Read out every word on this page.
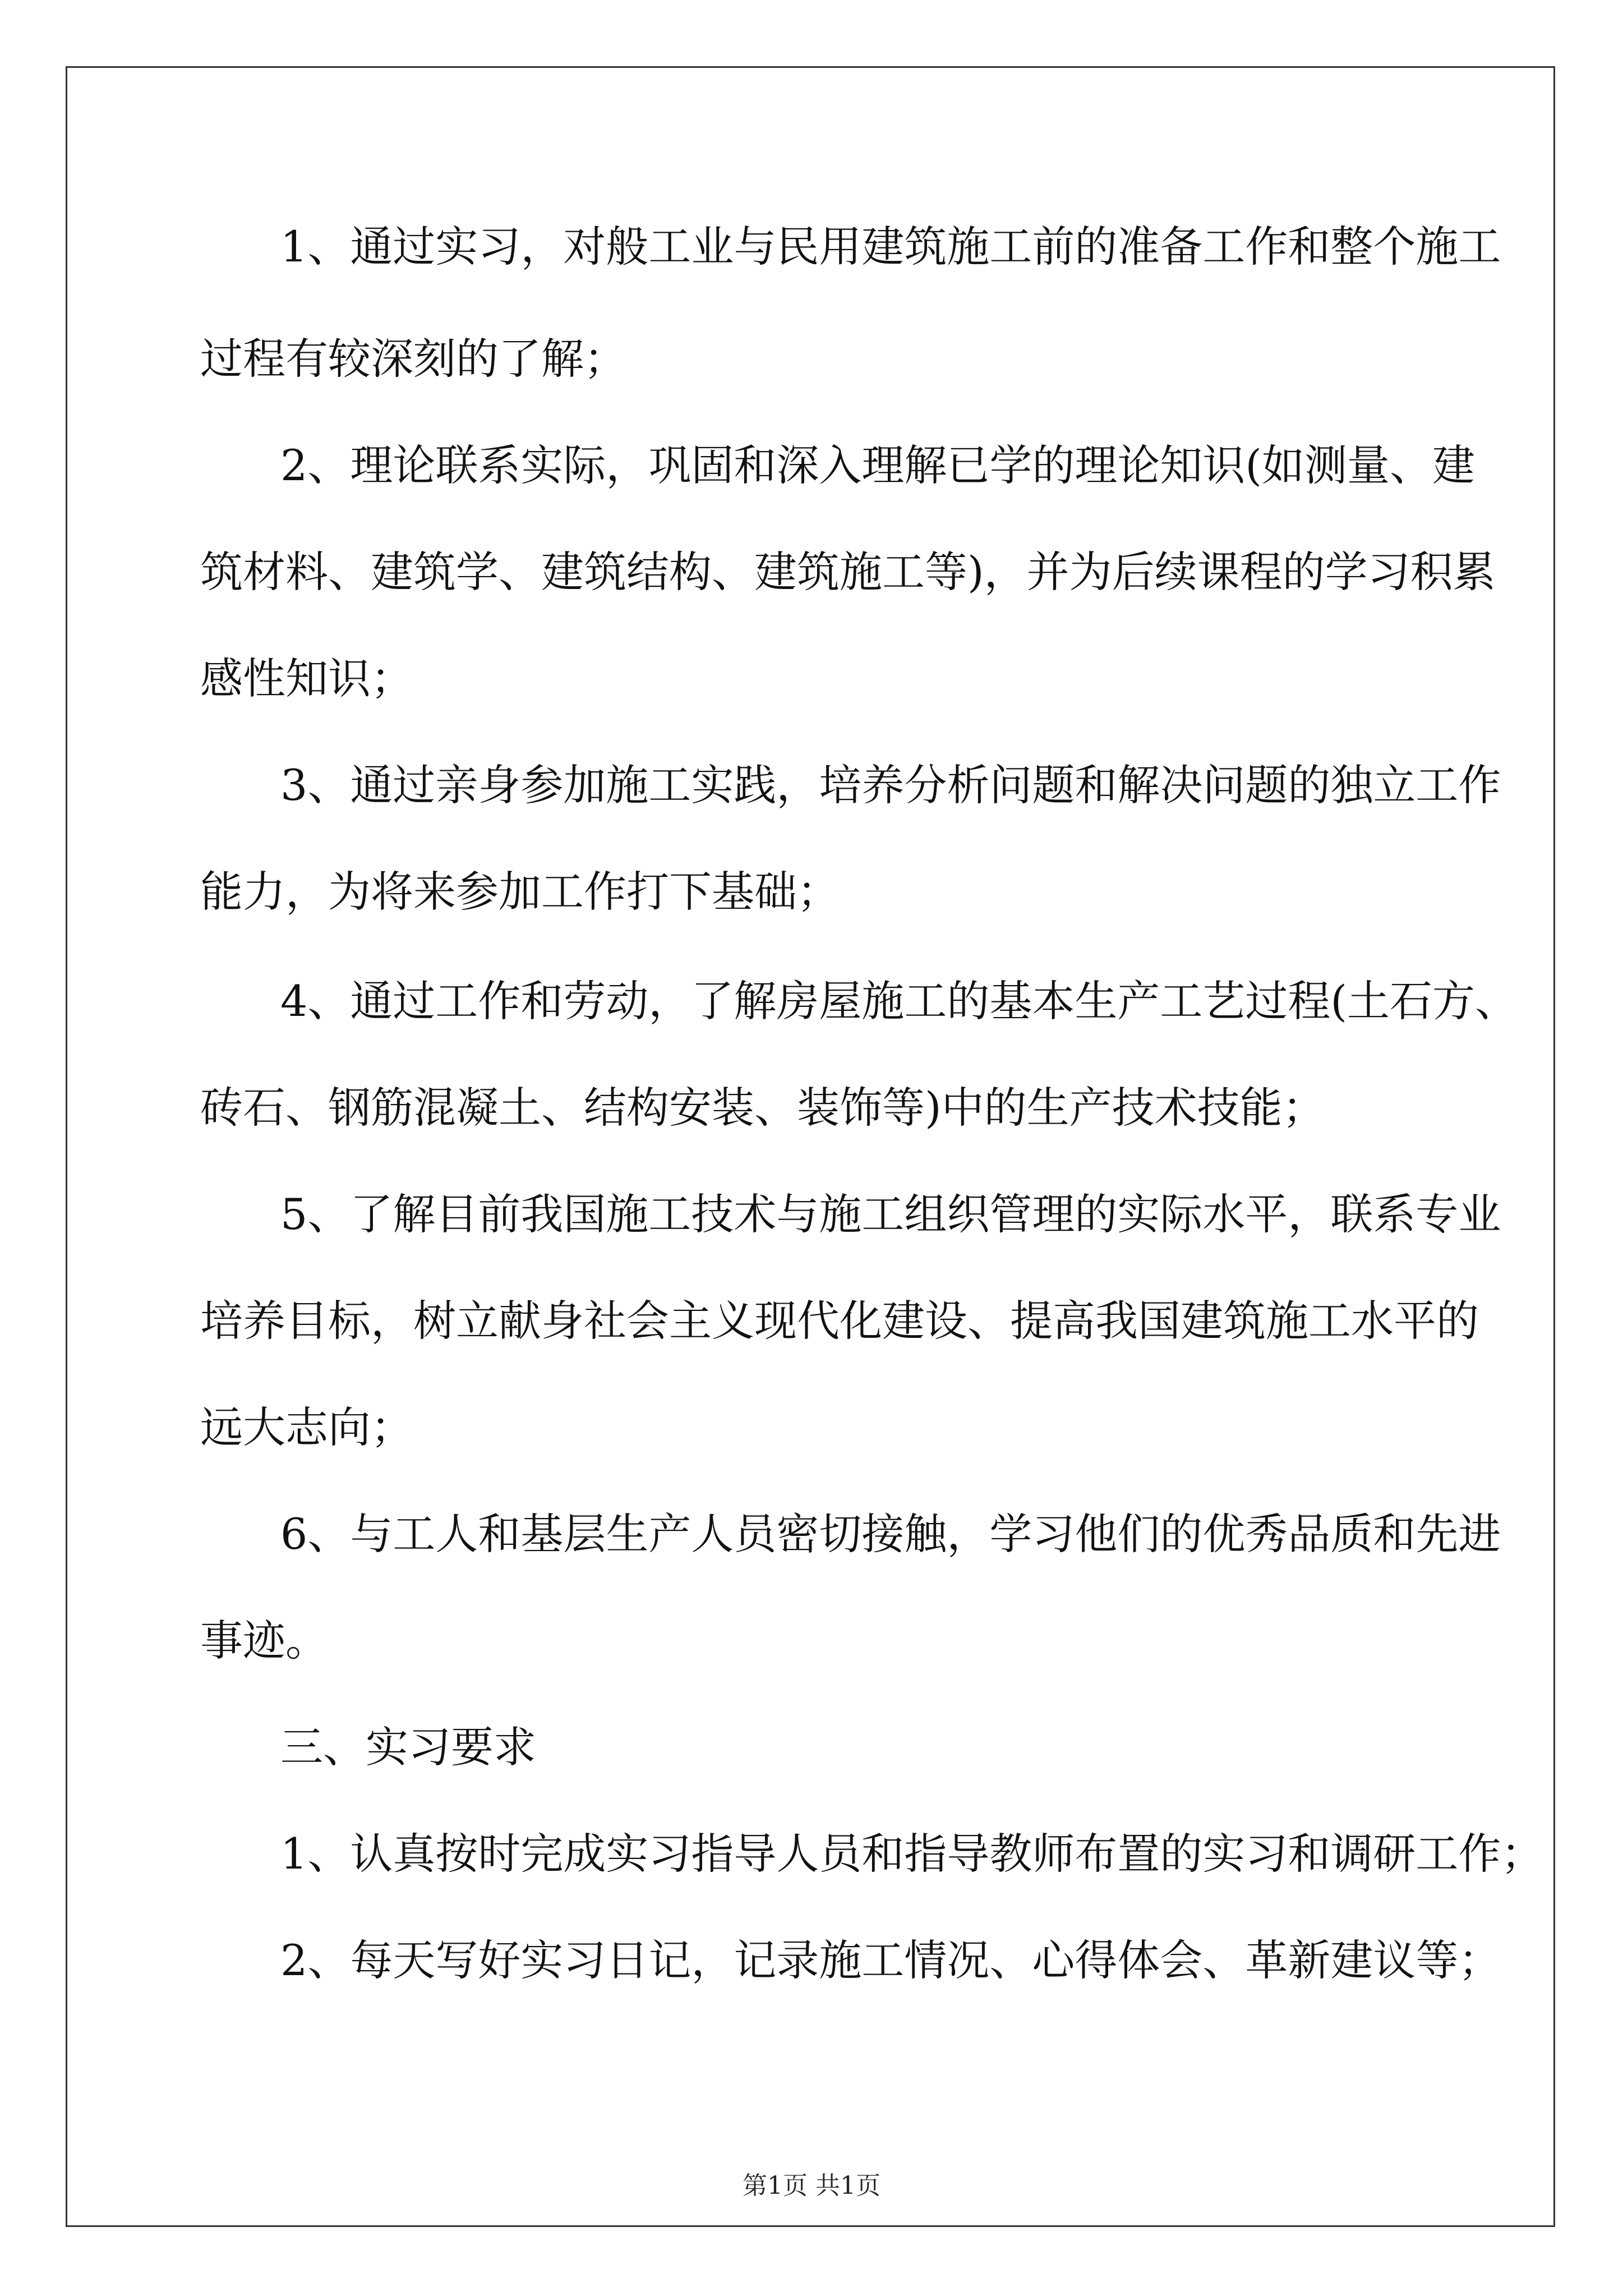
1、通过实习，对般工业与民用建筑施工前的准备工作和整个施工
过程有较深刻的了解；
2、理论联系实际，巩固和深入理解已学的理论知识(如测量、建
筑材料、建筑学、建筑结构、建筑施工等)，并为后续课程的学习积累
感性知识；
3、通过亲身参加施工实践，培养分析问题和解决问题的独立工作
能力，为将来参加工作打下基础；
4、通过工作和劳动，了解房屋施工的基本生产工艺过程(土石方、
砖石、钢筋混凝土、结构安装、装饰等)中的生产技术技能；
5、了解目前我国施工技术与施工组织管理的实际水平，联系专业
培养目标，树立献身社会主义现代化建设、提高我国建筑施工水平的
远大志向；
6、与工人和基层生产人员密切接触，学习他们的优秀品质和先进
事迹。
三、实习要求
1、认真按时完成实习指导人员和指导教师布置的实习和调研工作；
2、每天写好实习日记，记录施工情况、心得体会、革新建议等；
第1页 共1页
